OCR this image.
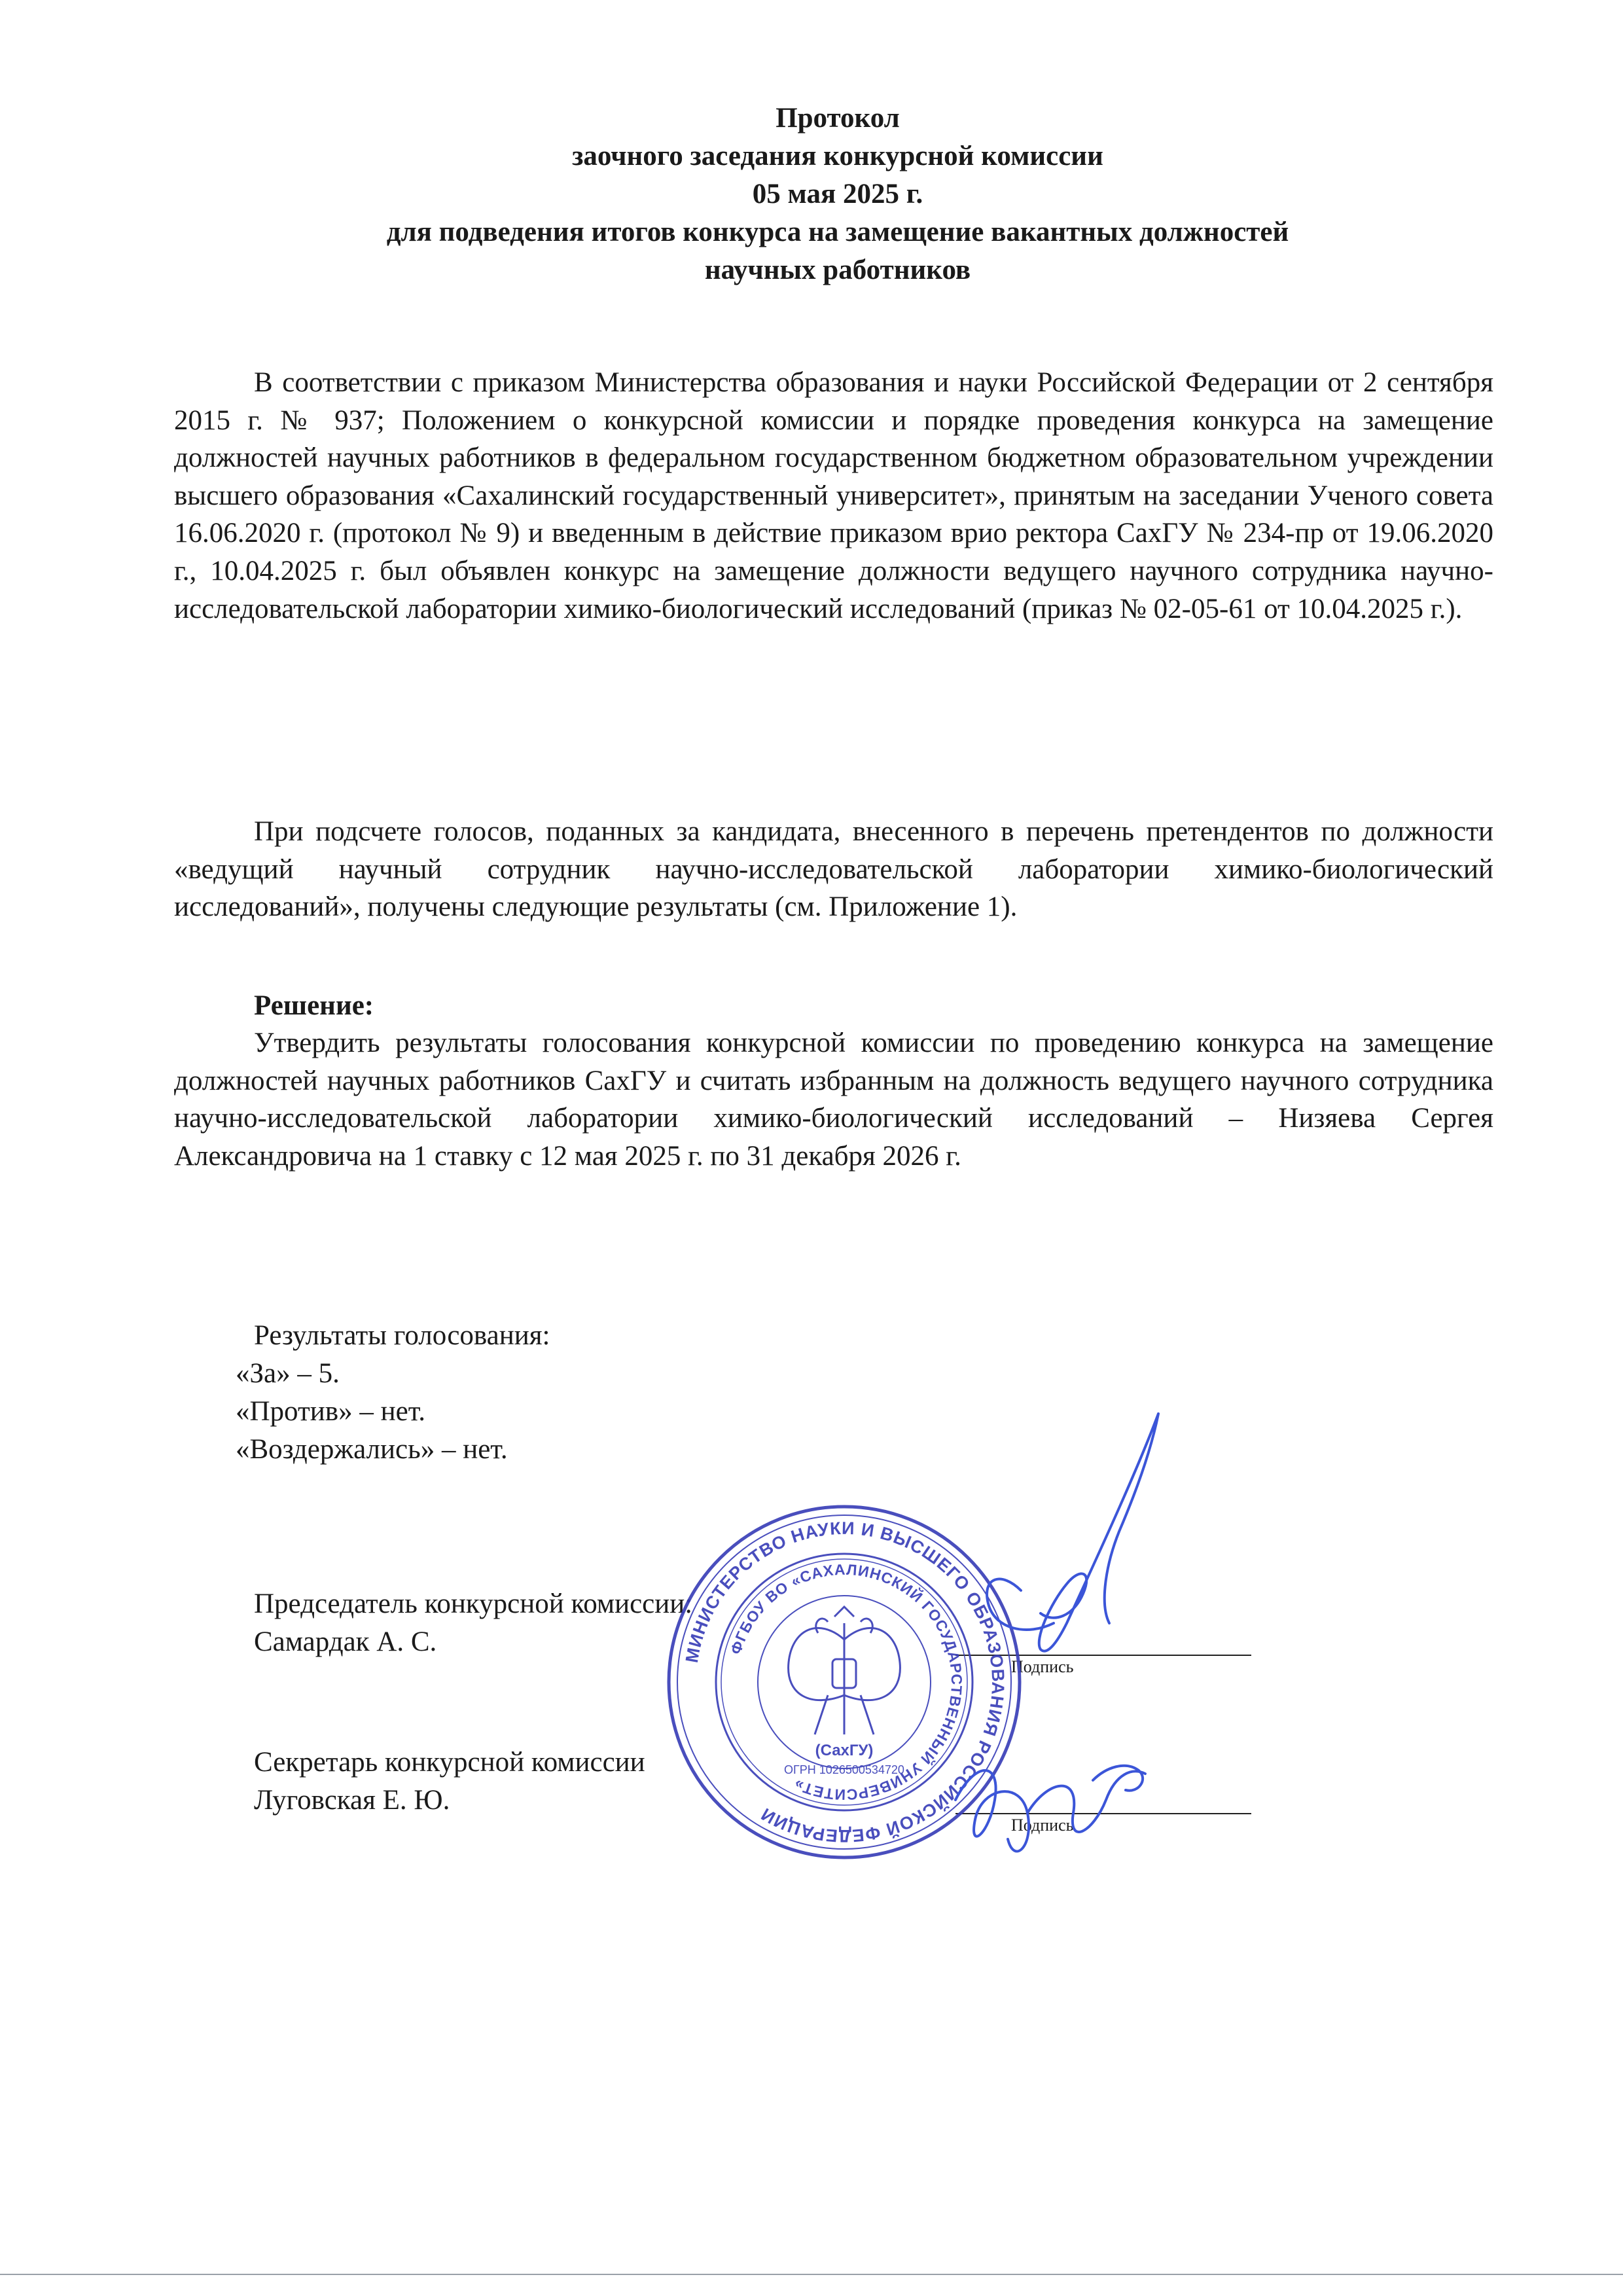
Протокол
заочного заседания конкурсной комиссии
05 мая 2025 г.
для подведения итогов конкурса на замещение вакантных должностей
научных работников

В соответствии с приказом Министерства образования и науки Российской Федерации от 2 сентября 2015 г. № 937; Положением о конкурсной комиссии и порядке проведения конкурса на замещение должностей научных работников в федеральном государственном бюджетном образовательном учреждении высшего образования «Сахалинский государственный университет», принятым на заседании Ученого совета 16.06.2020 г. (протокол № 9) и введенным в действие приказом врио ректора СахГУ № 234-пр от 19.06.2020 г., 10.04.2025 г. был объявлен конкурс на замещение должности ведущего научного сотрудника научно-исследовательской лаборатории химико-биологический исследований (приказ № 02-05-61 от 10.04.2025 г.).

При подсчете голосов, поданных за кандидата, внесенного в перечень претендентов по должности «ведущий научный сотрудник научно-исследовательской лаборатории химико-биологический исследований», получены следующие результаты (см. Приложение 1).

Решение:

Утвердить результаты голосования конкурсной комиссии по проведению конкурса на замещение должностей научных работников СахГУ и считать избранным на должность ведущего научного сотрудника научно-исследовательской лаборатории химико-биологический исследований – Низяева Сергея Александровича на 1 ставку с 12 мая 2025 г. по 31 декабря 2026 г.

Результаты голосования:
«За» – 5.
«Против» – нет.
«Воздержались» – нет.
Председатель конкурсной комиссии:
Самардак А. С.
Подпись
Секретарь конкурсной комиссии
Луговская Е. Ю.
Подпись
МИНИСТЕРСТВО НАУКИ И ВЫСШЕГО ОБРАЗОВАНИЯ РОССИЙСКОЙ ФЕДЕРАЦИИ
ФГБОУ ВО «САХАЛИНСКИЙ ГОСУДАРСТВЕННЫЙ УНИВЕРСИТЕТ»
(СахГУ)
ОГРН 1026500534720
